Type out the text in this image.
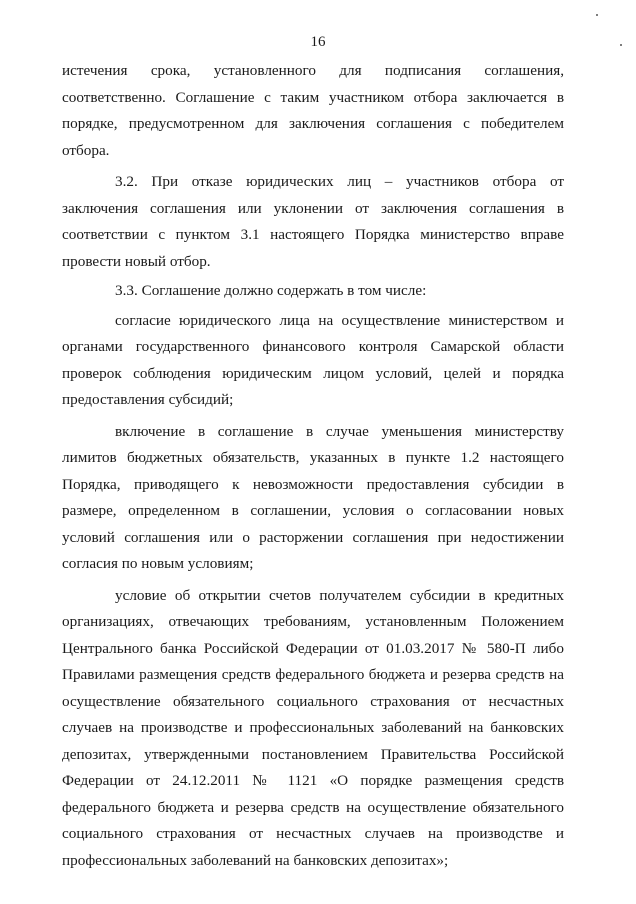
16

истечения срока, установленного для подписания соглашения, соответственно. Соглашение с таким участником отбора заключается в порядке, предусмотренном для заключения соглашения с победителем отбора.

3.2. При отказе юридических лиц – участников отбора от заключения соглашения или уклонении от заключения соглашения в соответствии с пунктом 3.1 настоящего Порядка министерство вправе провести новый отбор.

3.3. Соглашение должно содержать в том числе:

согласие юридического лица на осуществление министерством и органами государственного финансового контроля Самарской области проверок соблюдения юридическим лицом условий, целей и порядка предоставления субсидий;

включение в соглашение в случае уменьшения министерству лимитов бюджетных обязательств, указанных в пункте 1.2 настоящего Порядка, приводящего к невозможности предоставления субсидии в размере, определенном в соглашении, условия о согласовании новых условий соглашения или о расторжении соглашения при недостижении согласия по новым условиям;

условие об открытии счетов получателем субсидии в кредитных организациях, отвечающих требованиям, установленным Положением Центрального банка Российской Федерации от 01.03.2017 № 580-П либо Правилами размещения средств федерального бюджета и резерва средств на осуществление обязательного социального страхования от несчастных случаев на производстве и профессиональных заболеваний на банковских депозитах, утвержденными постановлением Правительства Российской Федерации от 24.12.2011 № 1121 «О порядке размещения средств федерального бюджета и резерва средств на осуществление обязательного социального страхования от несчастных случаев на производстве и профессиональных заболеваний на банковских депозитах»;
